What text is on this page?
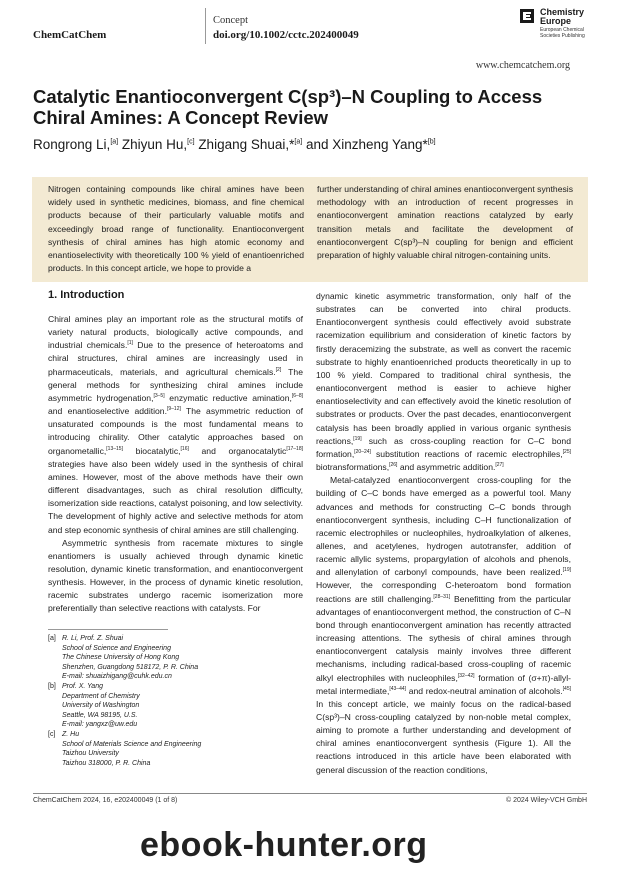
ChemCatChem
Concept
doi.org/10.1002/cctc.202400049
Chemistry
Europe
European Chemical
Societies Publishing
www.chemcatchem.org
Catalytic Enantioconvergent C(sp³)–N Coupling to Access
Chiral Amines: A Concept Review
Rongrong Li,[a] Zhiyun Hu,[c] Zhigang Shuai,*[a] and Xinzheng Yang*[b]
Nitrogen containing compounds like chiral amines have been widely used in synthetic medicines, biomass, and fine chemical products because of their particularly valuable motifs and exceedingly broad range of functionality. Enantioconvergent synthesis of chiral amines has high atomic economy and enantioselectivity with theoretically 100 % yield of enantioenriched products. In this concept article, we hope to provide a
further understanding of chiral amines enantioconvergent synthesis methodology with an introduction of recent progresses in enantioconvergent amination reactions catalyzed by early transition metals and facilitate the development of enantioconvergent C(sp³)–N coupling for benign and efficient preparation of highly valuable chiral nitrogen-containing units.
1. Introduction

Chiral amines play an important role as the structural motifs of variety natural products, biologically active compounds, and industrial chemicals.[1] Due to the presence of heteroatoms and chiral structures, chiral amines are increasingly used in pharmaceuticals, materials, and agricultural chemicals.[2] The general methods for synthesizing chiral amines include asymmetric hydrogenation,[3–5] enzymatic reductive amination,[6–8] and enantioselective addition.[9–12] The asymmetric reduction of unsaturated compounds is the most fundamental means to introducing chirality. Other catalytic approaches based on organometallic,[13–15] biocatalytic,[16] and organocatalytic[17–18] strategies have also been widely used in the synthesis of chiral amines. However, most of the above methods have their own different disadvantages, such as chiral resolution difficulty, isomerization side reactions, catalyst poisoning, and low selectivity. The development of highly active and selective methods for atom and step economic synthesis of chiral amines are still challenging.

Asymmetric synthesis from racemate mixtures to single enantiomers is usually achieved through dynamic kinetic resolution, dynamic kinetic transformation, and enantioconvergent synthesis. However, in the process of dynamic kinetic resolution, racemic substrates undergo racemic isomerization more preferentially than selective reactions with catalysts. For

dynamic kinetic asymmetric transformation, only half of the substrates can be converted into chiral products. Enantioconvergent synthesis could effectively avoid substrate racemization equilibrium and consideration of kinetic factors by firstly deracemizing the substrate, as well as convert the racemic substrate to highly enantioenriched products theoretically in up to 100 % yield. Compared to traditional chiral synthesis, the enantioconvergent method is easier to achieve higher enantioselectivity and can effectively avoid the kinetic resolution of substrates or products. Over the past decades, enantioconvergent catalysis has been broadly applied in various organic synthesis reactions,[19] such as cross-coupling reaction for C–C bond formation,[20–24] substitution reactions of racemic electrophiles,[25] biotransformations,[26] and asymmetric addition.[27]

Metal-catalyzed enantioconvergent cross-coupling for the building of C–C bonds have emerged as a powerful tool. Many advances and methods for constructing C–C bonds through enantioconvergent synthesis, including C–H functionalization of racemic electrophiles or nucleophiles, hydroalkylation of alkenes, allenes, and acetylenes, hydrogen autotransfer, addition of racemic allylic systems, propargylation of alcohols and phenols, and allenylation of carbonyl compounds, have been realized.[19] However, the corresponding C-heteroatom bond formation reactions are still challenging.[28–31] Benefitting from the particular advantages of enantioconvergent method, the construction of C–N bond through enantioconvergent amination has recently attracted increasing attentions. The sythesis of chiral amines through enantioconvergent catalysis mainly involves three different mechanisms, including radical-based cross-coupling of racemic alkyl electrophiles with nucleophiles,[32–42] formation of (σ+π)-allyl-metal intermediate,[43–44] and redox-neutral amination of alcohols.[45] In this concept article, we mainly focus on the radical-based C(sp³)–N cross-coupling catalyzed by non-noble metal complex, aiming to promote a further understanding and development of chiral amines enantioconvergent synthesis (Figure 1). All the reactions introduced in this article have been elaborated with general discussion of the reaction conditions,

[a] R. Li, Prof. Z. Shuai
School of Science and Engineering
The Chinese University of Hong Kong
Shenzhen, Guangdong 518172, P. R. China
E-mail: shuaizhigang@cuhk.edu.cn
[b] Prof. X. Yang
Department of Chemistry
University of Washington
Seattle, WA 98195, U.S.
E-mail: yangxz@uw.edu
[c] Z. Hu
School of Materials Science and Engineering
Taizhou University
Taizhou 318000, P. R. China
ChemCatChem 2024, 16, e202400049 (1 of 8)	© 2024 Wiley-VCH GmbH
ebook-hunter.org
